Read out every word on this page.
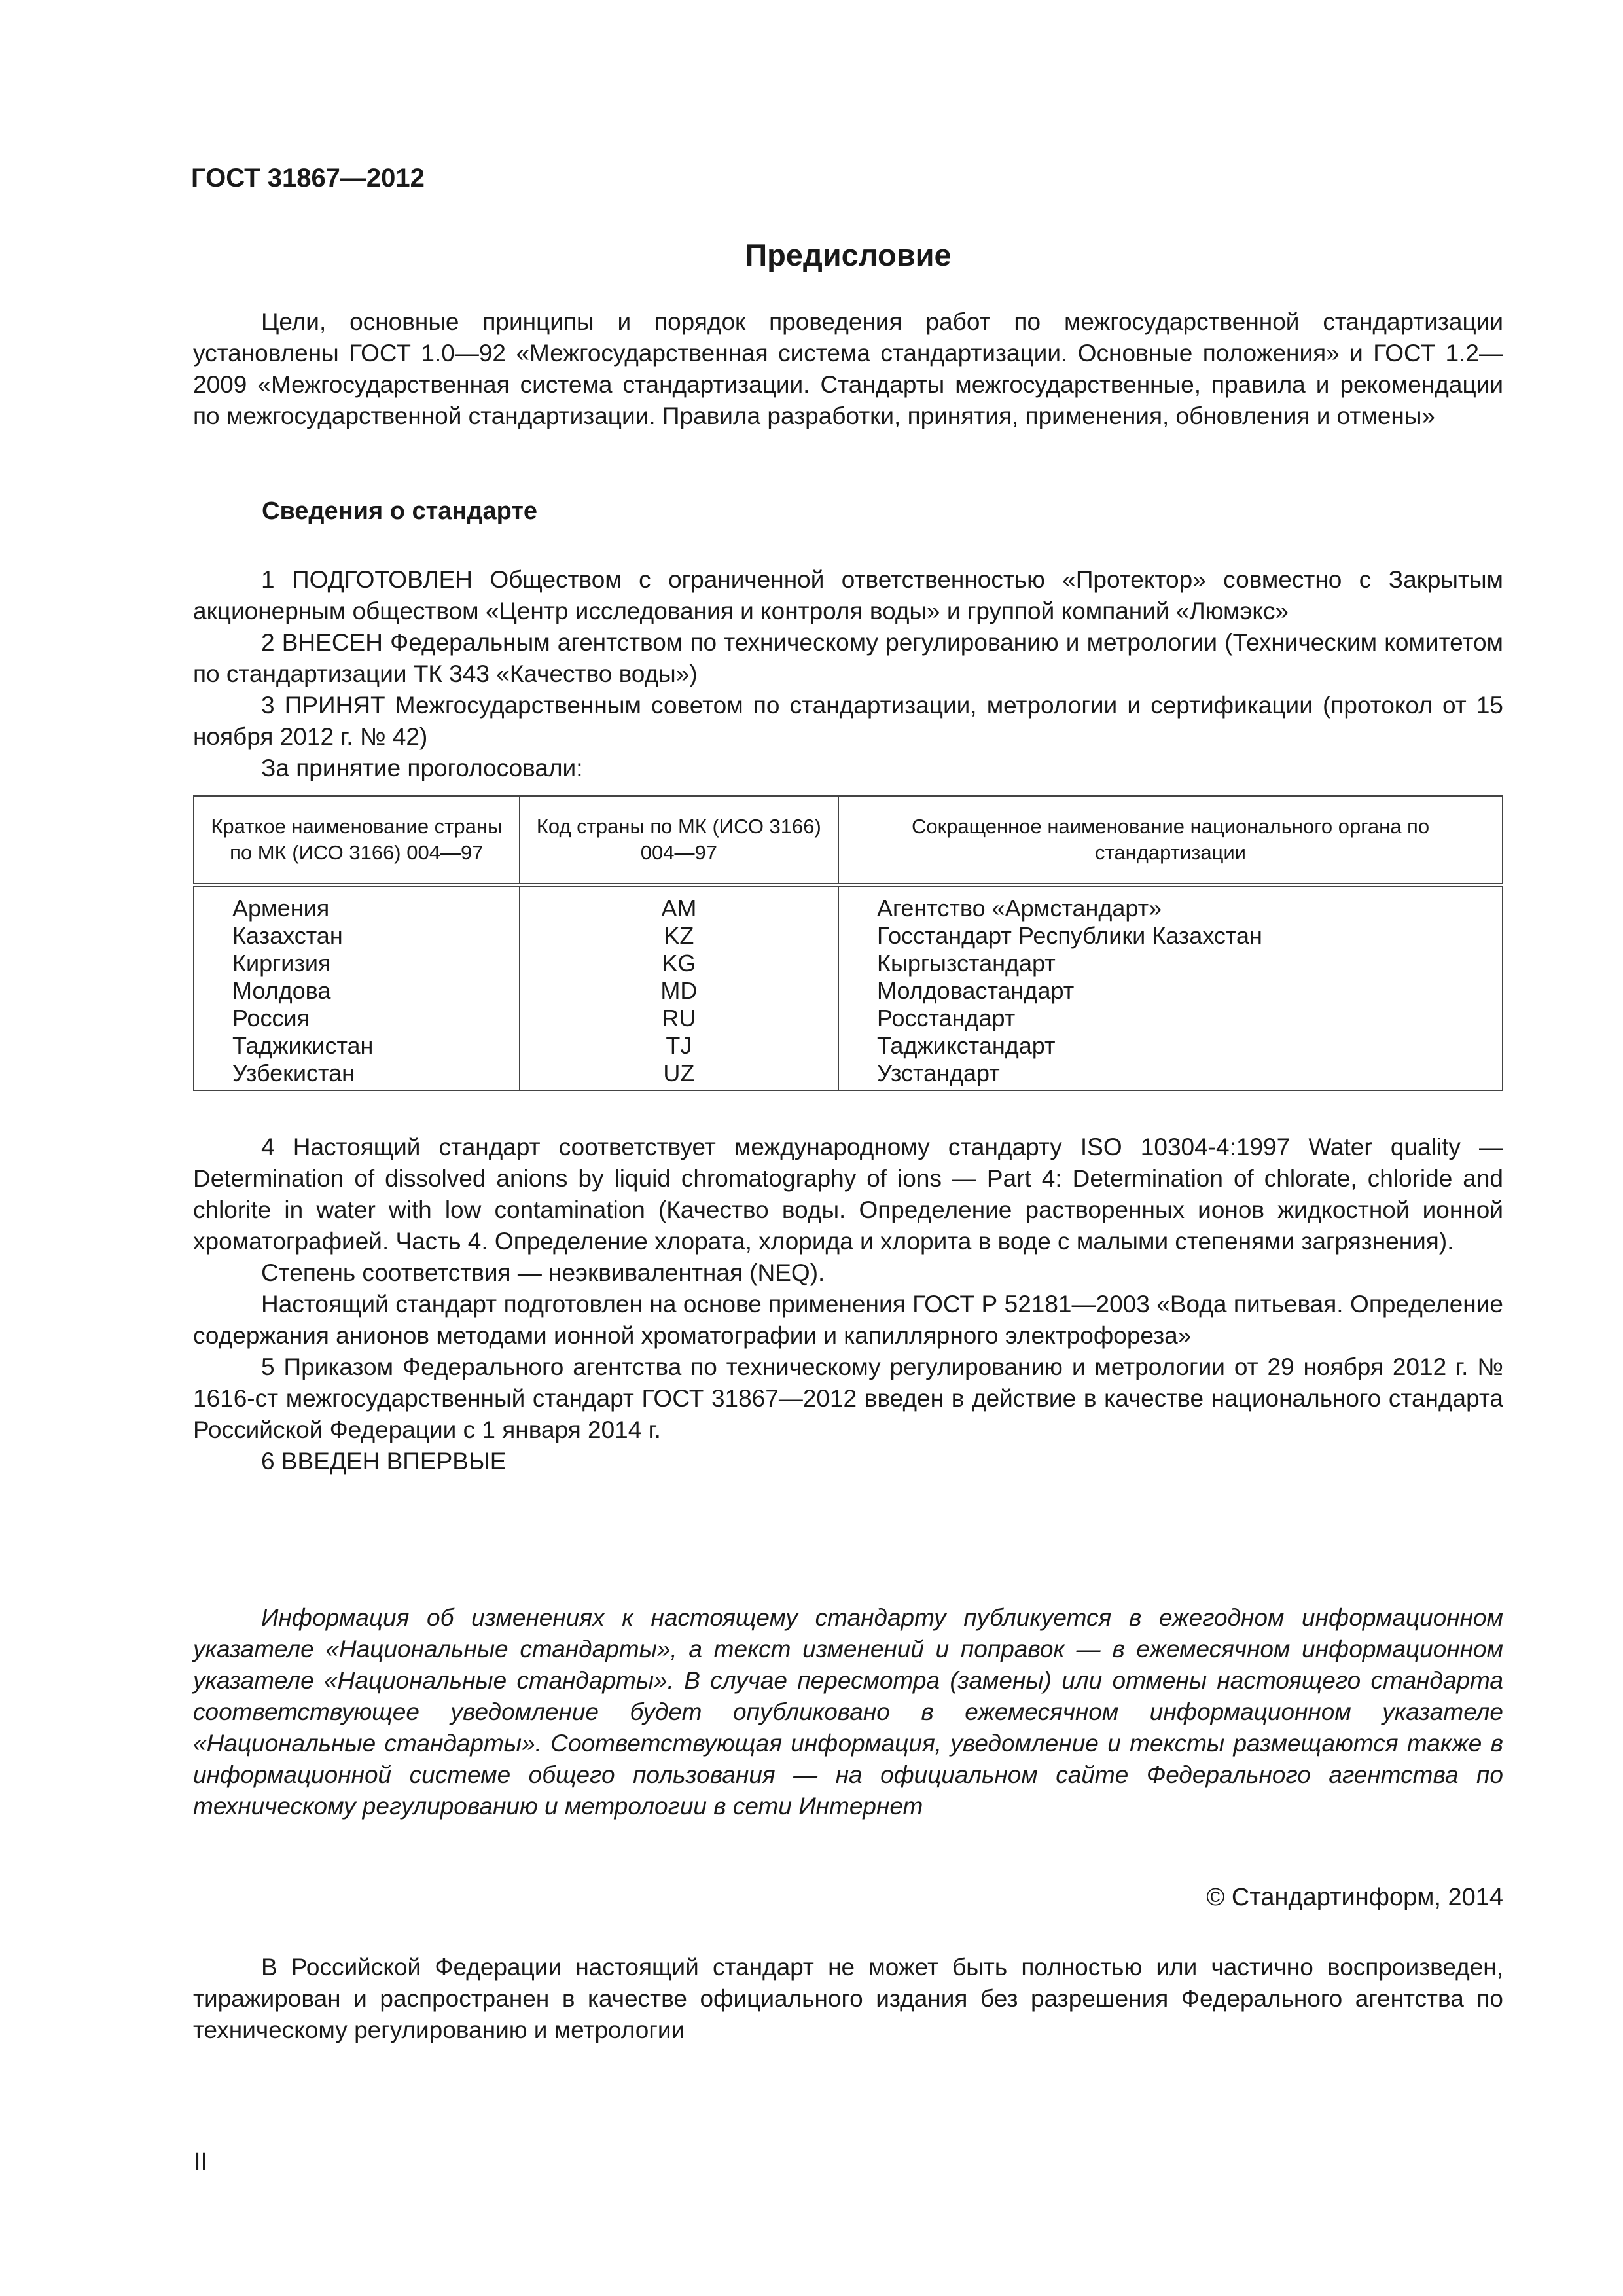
ГОСТ 31867—2012
Предисловие

Цели, основные принципы и порядок проведения работ по межгосударственной стандартизации установлены ГОСТ 1.0—92 «Межгосударственная система стандартизации. Основные положения» и ГОСТ 1.2—2009 «Межгосударственная система стандартизации. Стандарты межгосударственные, правила и рекомендации по межгосударственной стандартизации. Правила разработки, принятия, применения, обновления и отмены»

Сведения о стандарте

1 ПОДГОТОВЛЕН Обществом с ограниченной ответственностью «Протектор» совместно с Закрытым акционерным обществом «Центр исследования и контроля воды» и группой компаний «Люмэкс»

2 ВНЕСЕН Федеральным агентством по техническому регулированию и метрологии (Техническим комитетом по стандартизации ТК 343 «Качество воды»)

3 ПРИНЯТ Межгосударственным советом по стандартизации, метрологии и сертификации (протокол от 15 ноября 2012 г. № 42)

За принятие проголосовали:

Краткое наименование страны по МК (ИСО 3166) 004—97	Код страны по МК (ИСО 3166) 004—97	Сокращенное наименование национального органа по стандартизации
Армения	AM	Агентство «Армстандарт»
Казахстан	KZ	Госстандарт Республики Казахстан
Киргизия	KG	Кыргызстандарт
Молдова	MD	Молдовастандарт
Россия	RU	Росстандарт
Таджикистан	TJ	Таджикстандарт
Узбекистан	UZ	Узстандарт

4 Настоящий стандарт соответствует международному стандарту ISO 10304-4:1997 Water quality — Determination of dissolved anions by liquid chromatography of ions — Part 4: Determination of chlorate, chloride and chlorite in water with low contamination (Качество воды. Определение растворенных ионов жидкостной ионной хроматографией. Часть 4. Определение хлората, хлорида и хлорита в воде с малыми степенями загрязнения).

Степень соответствия — неэквивалентная (NEQ).

Настоящий стандарт подготовлен на основе применения ГОСТ Р 52181—2003 «Вода питьевая. Определение содержания анионов методами ионной хроматографии и капиллярного электрофореза»

5 Приказом Федерального агентства по техническому регулированию и метрологии от 29 ноября 2012 г. № 1616-ст межгосударственный стандарт ГОСТ 31867—2012 введен в действие в качестве национального стандарта Российской Федерации с 1 января 2014 г.

6 ВВЕДЕН ВПЕРВЫЕ

Информация об изменениях к настоящему стандарту публикуется в ежегодном информационном указателе «Национальные стандарты», а текст изменений и поправок — в ежемесячном информационном указателе «Национальные стандарты». В случае пересмотра (замены) или отмены настоящего стандарта соответствующее уведомление будет опубликовано в ежемесячном информационном указателе «Национальные стандарты». Соответствующая информация, уведомление и тексты размещаются также в информационной системе общего пользования — на официальном сайте Федерального агентства по техническому регулированию и метрологии в сети Интернет

© Стандартинформ, 2014

В Российской Федерации настоящий стандарт не может быть полностью или частично воспроизведен, тиражирован и распространен в качестве официального издания без разрешения Федерального агентства по техническому регулированию и метрологии

II
